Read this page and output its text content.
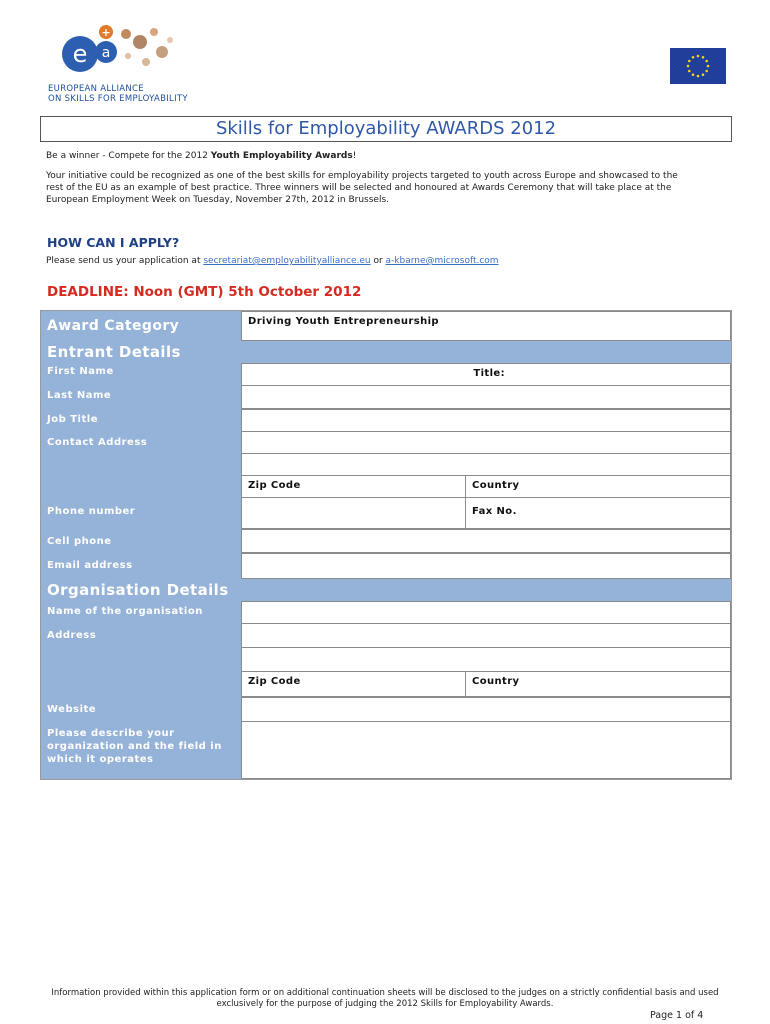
e a
+
EUROPEAN ALLIANCE
ON SKILLS FOR EMPLOYABILITY
Skills for Employability AWARDS 2012
Be a winner - Compete for the 2012 Youth Employability Awards!
Your initiative could be recognized as one of the best skills for employability projects targeted to youth across Europe and showcased to the rest of the EU as an example of best practice. Three winners will be selected and honoured at Awards Ceremony that will take place at the European Employment Week on Tuesday, November 27th, 2012 in Brussels.
HOW CAN I APPLY?
Please send us your application at secretariat@employabilityalliance.eu or a-kbarne@microsoft.com
DEADLINE: Noon (GMT) 5th October 2012
Award Category	Driving Youth Entrepreneurship
Entrant Details
First Name	Title:
Last Name
Job Title
Contact Address
Zip Code	Country
Phone number	Fax No.
Cell phone
Email address
Organisation Details
Name of the organisation
Address
Zip Code	Country
Website
Please describe your organization and the field in which it operates
Information provided within this application form or on additional continuation sheets will be disclosed to the judges on a strictly confidential basis and used exclusively for the purpose of judging the 2012 Skills for Employability Awards.
Page 1 of 4
